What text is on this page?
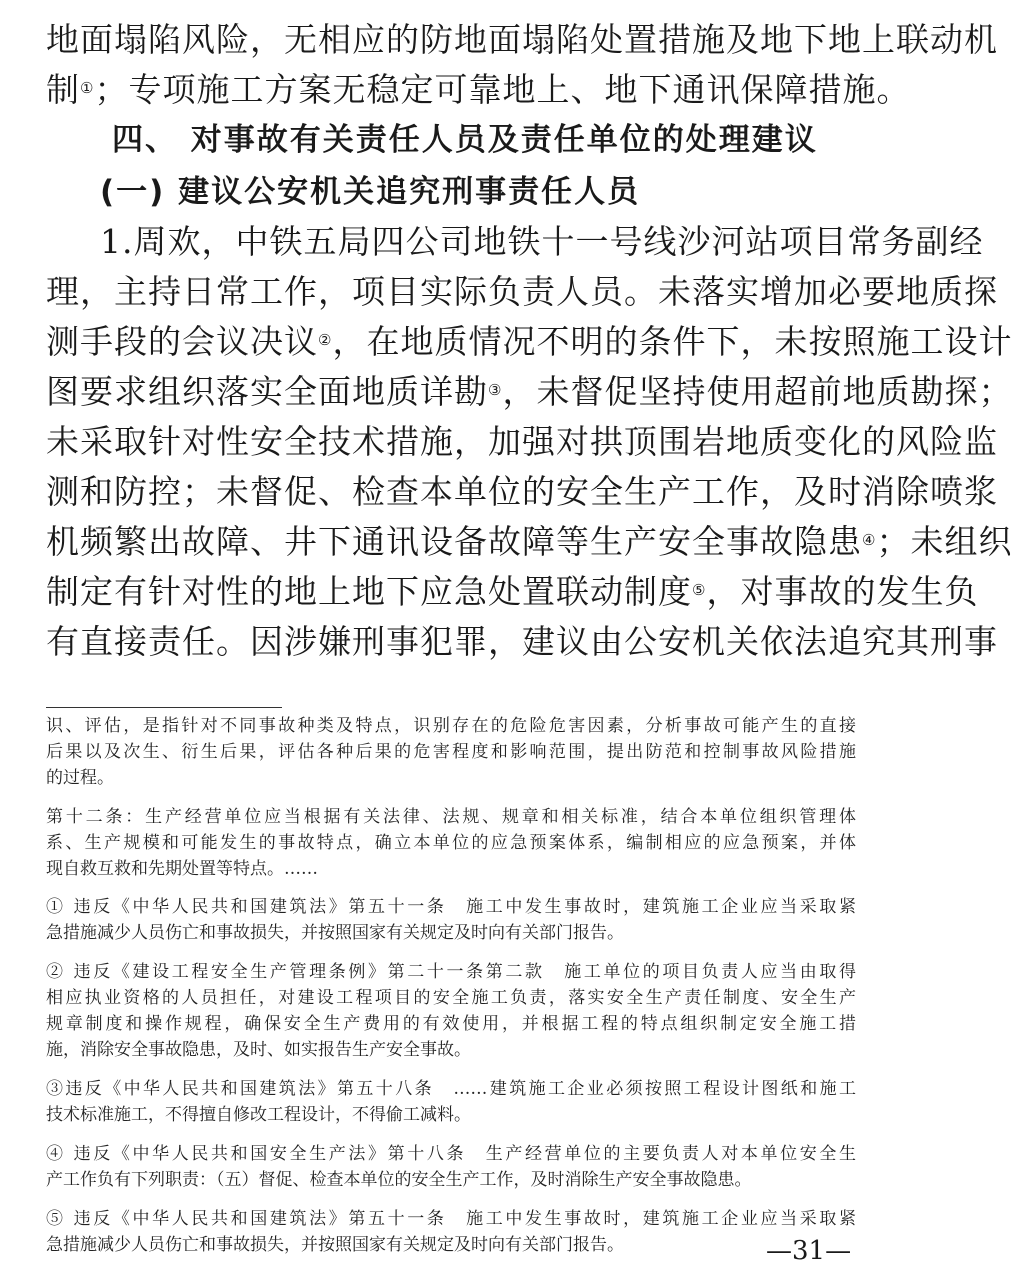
地面塌陷风险，无相应的防地面塌陷处置措施及地下地上联动机
制①；专项施工方案无稳定可靠地上、地下通讯保障措施。
四、 对事故有关责任人员及责任单位的处理建议
(一) 建议公安机关追究刑事责任人员
1.周欢，中铁五局四公司地铁十一号线沙河站项目常务副经
理，主持日常工作，项目实际负责人员。未落实增加必要地质探
测手段的会议决议②，在地质情况不明的条件下，未按照施工设计
图要求组织落实全面地质详勘③，未督促坚持使用超前地质勘探；
未采取针对性安全技术措施，加强对拱顶围岩地质变化的风险监
测和防控；未督促、检查本单位的安全生产工作，及时消除喷浆
机频繁出故障、井下通讯设备故障等生产安全事故隐患④；未组织
制定有针对性的地上地下应急处置联动制度⑤，对事故的发生负
有直接责任。因涉嫌刑事犯罪，建议由公安机关依法追究其刑事
识、评估，是指针对不同事故种类及特点，识别存在的危险危害因素，分析事故可能产生的直接
后果以及次生、衍生后果，评估各种后果的危害程度和影响范围，提出防范和控制事故风险措施
的过程。
第十二条：生产经营单位应当根据有关法律、法规、规章和相关标准，结合本单位组织管理体
系、生产规模和可能发生的事故特点，确立本单位的应急预案体系，编制相应的应急预案，并体
现自救互救和先期处置等特点。……
① 违反《中华人民共和国建筑法》第五十一条　施工中发生事故时，建筑施工企业应当采取紧
急措施减少人员伤亡和事故损失，并按照国家有关规定及时向有关部门报告。
② 违反《建设工程安全生产管理条例》第二十一条第二款　施工单位的项目负责人应当由取得
相应执业资格的人员担任，对建设工程项目的安全施工负责，落实安全生产责任制度、安全生产
规章制度和操作规程，确保安全生产费用的有效使用，并根据工程的特点组织制定安全施工措
施，消除安全事故隐患，及时、如实报告生产安全事故。
③违反《中华人民共和国建筑法》第五十八条　……建筑施工企业必须按照工程设计图纸和施工
技术标准施工，不得擅自修改工程设计，不得偷工减料。
④ 违反《中华人民共和国安全生产法》第十八条　生产经营单位的主要负责人对本单位安全生
产工作负有下列职责：（五）督促、检查本单位的安全生产工作，及时消除生产安全事故隐患。
⑤ 违反《中华人民共和国建筑法》第五十一条　施工中发生事故时，建筑施工企业应当采取紧
急措施减少人员伤亡和事故损失，并按照国家有关规定及时向有关部门报告。	—31—
